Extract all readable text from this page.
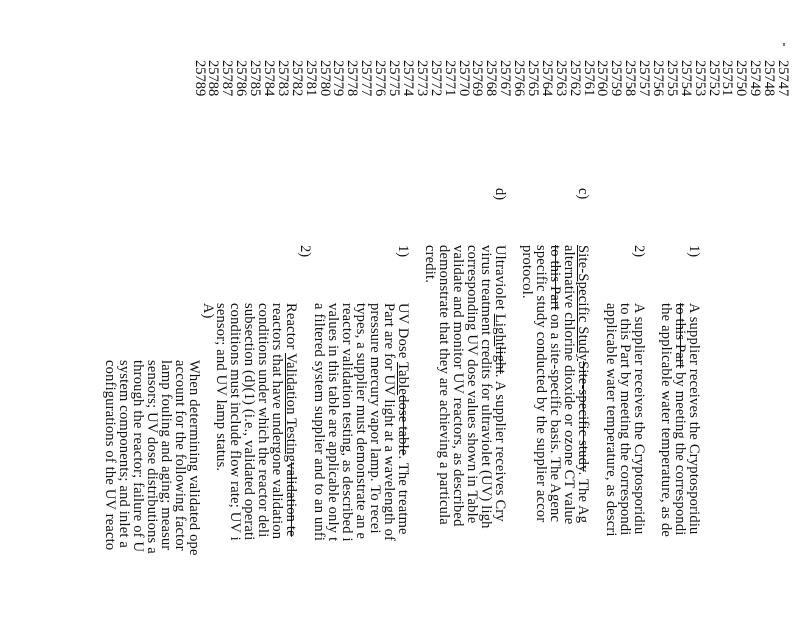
25747
25748
25749
25750
25751
25752
25753
25754
25755
25756
25757
25758
25759
25760
25761
25762
25763
25764
25765
25766
25767
25768
25769
25770
25771
25772
25773
25774
25775
25776
25777
25778
25779
25780
25781
25782
25783
25784
25785
25786
25787
25788
25789
1)
2)
c)
d)
1)
2)
A)	A supplier receives the Cryptosporidiu
to this Part by meeting the correspondi
the applicable water temperature, as de
A supplier receives the Cryptosporidiu
to this Part by meeting the correspondi
applicable water temperature, as descri
Site-Specific StudySite-specific study. The Ag
alternative chlorine dioxide or ozone CT value
to this Part on a site-specific basis. The Agenc
specific study conducted by the supplier accor
protocol.
Ultraviolet Lightlight. A supplier receives Cry
virus treatment credits for ultraviolet (UV) ligh
corresponding UV dose values shown in Table
validate and monitor UV reactors, as described
demonstrate that they are achieving a particula
credit.
UV Dose Tabledose table. The treatme
Part are for UV light at a wavelength of
pressure mercury vapor lamp. To recei
types, a supplier must demonstrate an e
reactor validation testing, as described i
values in this table are applicable only t
a filtered system supplier and to an unfi
Reactor Validation Testingvalidation te
reactors that have undergone validation
conditions under which the reactor deli
subsection (d)(1) (i.e., validated operati
conditions must include flow rate; UV i
sensor; and UV lamp status.
When determining validated ope
account for the following factor
lamp fouling and aging; measur
sensors; UV dose distributions a
through the reactor; failure of U
system components; and inlet a
configurations of the UV reacto
